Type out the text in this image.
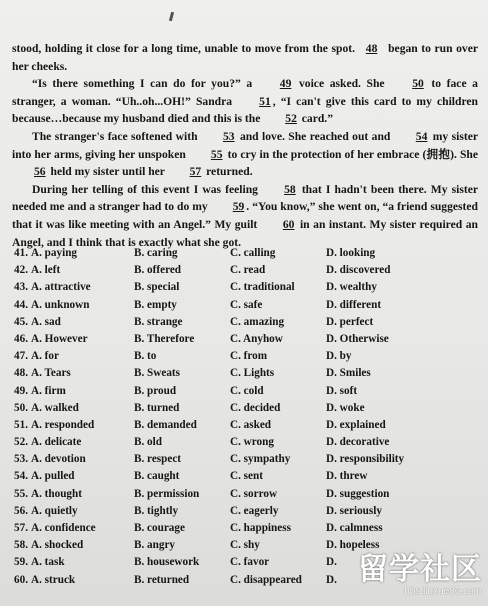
stood, holding it close for a long time, unable to move from the spot. 48 began to run over her cheeks.

“Is there something I can do for you?” a 49 voice asked. She 50 to face a stranger, a woman. “Uh..oh...OH!” Sandra 51 , “I can't give this card to my children because…because my husband died and this is the 52 card.”

The stranger's face softened with 53 and love. She reached out and 54 my sister into her arms, giving her unspoken 55 to cry in the protection of her embrace (拥抱). She 56 held my sister until her 57 returned.

During her telling of this event I was feeling 58 that I hadn't been there. My sister needed me and a stranger had to do my 59 . “You know,” she went on, “a friend suggested that it was like meeting with an Angel.” My guilt 60 in an instant. My sister required an Angel, and I think that is exactly what she got.

41. A. paying	B. caring	C. calling	D. looking
42. A. left	B. offered	C. read	D. discovered
43. A. attractive	B. special	C. traditional	D. wealthy
44. A. unknown	B. empty	C. safe	D. different
45. A. sad	B. strange	C. amazing	D. perfect
46. A. However	B. Therefore	C. Anyhow	D. Otherwise
47. A. for	B. to	C. from	D. by
48. A. Tears	B. Sweats	C. Lights	D. Smiles
49. A. firm	B. proud	C. cold	D. soft
50. A. walked	B. turned	C. decided	D. woke
51. A. responded	B. demanded	C. asked	D. explained
52. A. delicate	B. old	C. wrong	D. decorative
53. A. devotion	B. respect	C. sympathy	D. responsibility
54. A. pulled	B. caught	C. sent	D. threw
55. A. thought	B. permission	C. sorrow	D. suggestion
56. A. quietly	B. tightly	C. eagerly	D. seriously
57. A. confidence	B. courage	C. happiness	D. calmness
58. A. shocked	B. angry	C. shy	D. hopeless
59. A. task	B. housework	C. favor	D.
60. A. struck	B. returned	C. disappeared D. 留学社区
bbs.liuxue86.com
